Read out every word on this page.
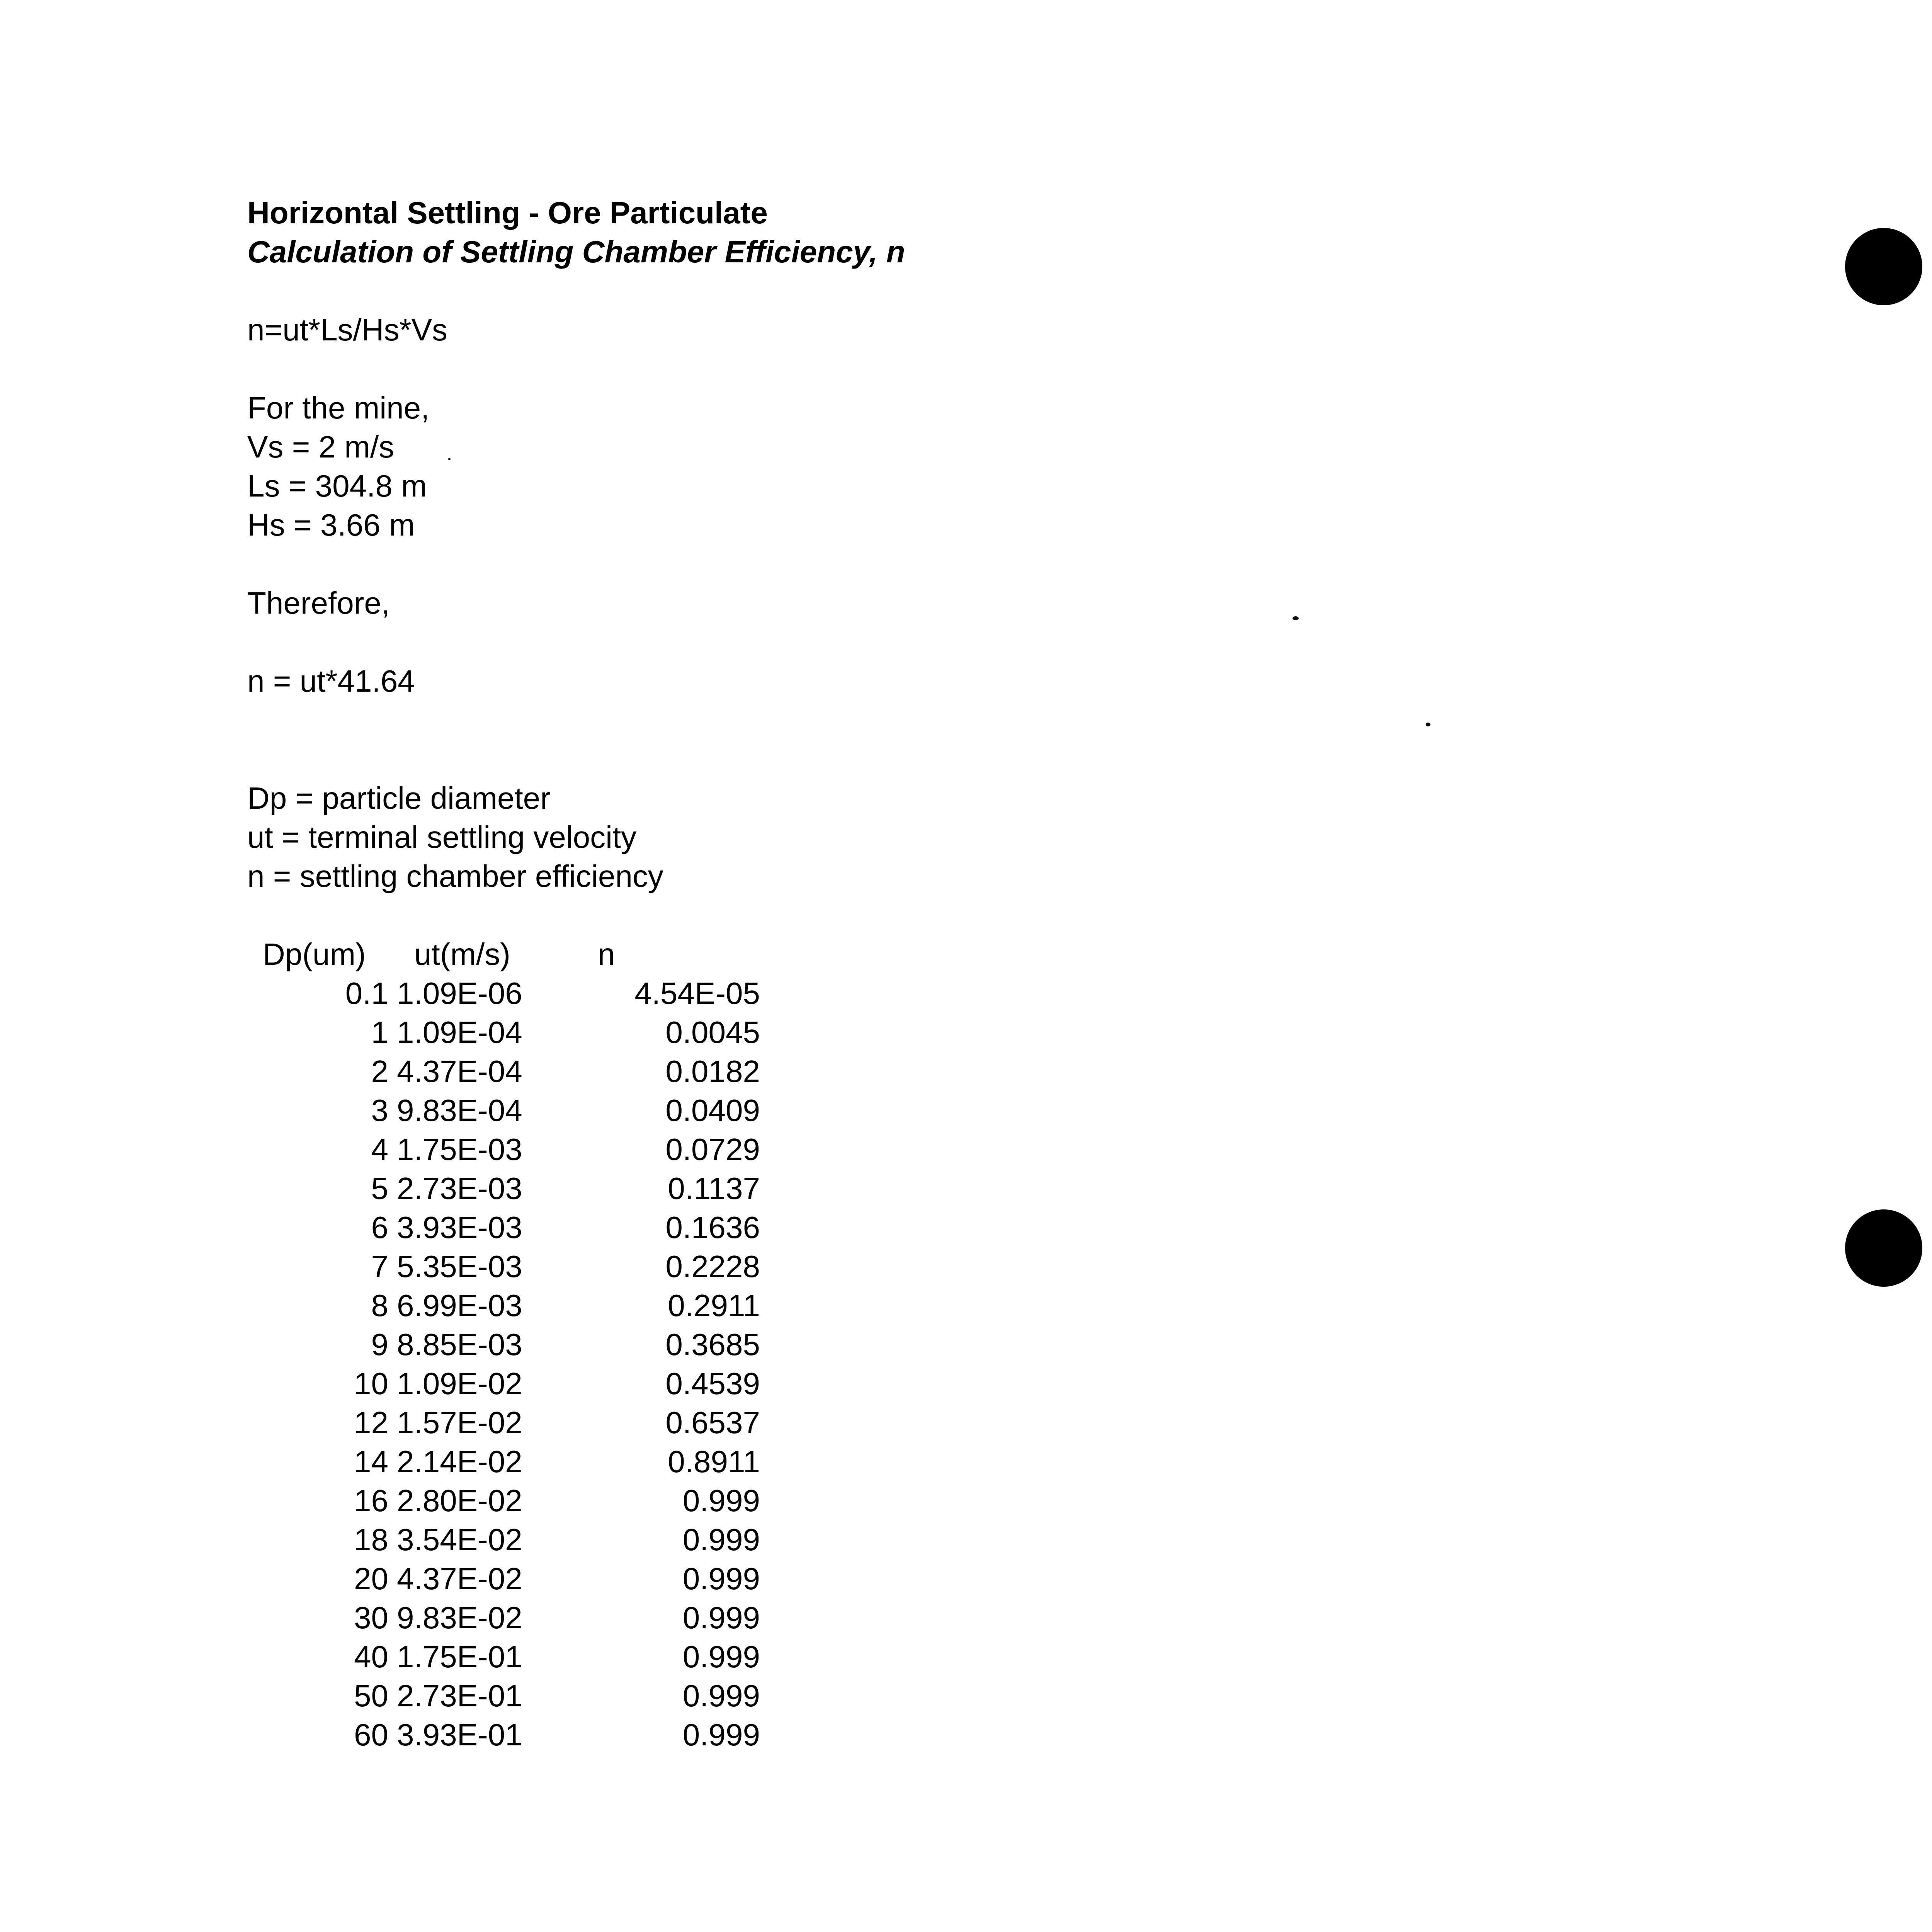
Horizontal Settling - Ore Particulate

Calculation of Settling Chamber Efficiency, n

n=ut*Ls/Hs*Vs

For the mine,

Vs = 2 m/s

Ls = 304.8 m

Hs = 3.66 m

Therefore,

n = ut*41.64

Dp = particle diameter

ut = terminal settling velocity

n = settling chamber efficiency

Dp(um)	ut(m/s)	n
0.1	1.09E-06	4.54E-05
1	1.09E-04	0.0045
2	4.37E-04	0.0182
3	9.83E-04	0.0409
4	1.75E-03	0.0729
5	2.73E-03	0.1137
6	3.93E-03	0.1636
7	5.35E-03	0.2228
8	6.99E-03	0.2911
9	8.85E-03	0.3685
10	1.09E-02	0.4539
12	1.57E-02	0.6537
14	2.14E-02	0.8911
16	2.80E-02	0.999
18	3.54E-02	0.999
20	4.37E-02	0.999
30	9.83E-02	0.999
40	1.75E-01	0.999
50	2.73E-01	0.999
60	3.93E-01	0.999
